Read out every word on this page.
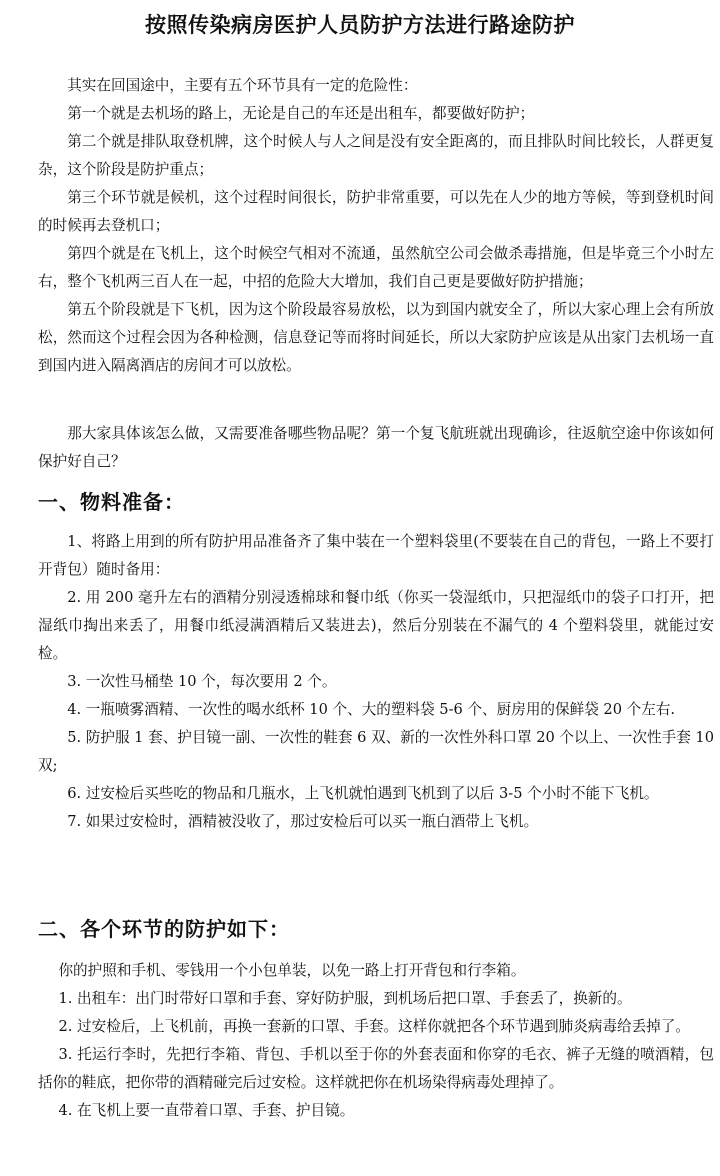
按照传染病房医护人员防护方法进行路途防护

其实在回国途中，主要有五个环节具有一定的危险性：

第一个就是去机场的路上，无论是自己的车还是出租车，都要做好防护；

第二个就是排队取登机牌，这个时候人与人之间是没有安全距离的，而且排队时间比较长，人群更复杂，这个阶段是防护重点；

第三个环节就是候机，这个过程时间很长，防护非常重要，可以先在人少的地方等候，等到登机时间的时候再去登机口；

第四个就是在飞机上，这个时候空气相对不流通，虽然航空公司会做杀毒措施，但是毕竟三个小时左右，整个飞机两三百人在一起，中招的危险大大增加，我们自己更是要做好防护措施；

第五个阶段就是下飞机，因为这个阶段最容易放松，以为到国内就安全了，所以大家心理上会有所放松，然而这个过程会因为各种检测，信息登记等而将时间延长，所以大家防护应该是从出家门去机场一直到国内进入隔离酒店的房间才可以放松。

那大家具体该怎么做，又需要准备哪些物品呢？第一个复飞航班就出现确诊，往返航空途中你该如何保护好自己？

一、物料准备：

1、将路上用到的所有防护用品准备齐了集中装在一个塑料袋里(不要装在自己的背包，一路上不要打开背包）随时备用：

2. 用 200 毫升左右的酒精分别浸透棉球和餐巾纸（你买一袋湿纸巾，只把湿纸巾的袋子口打开，把湿纸巾掏出来丢了，用餐巾纸浸满酒精后又装进去)，然后分别装在不漏气的 4 个塑料袋里，就能过安检。

3. 一次性马桶垫 10 个，每次要用 2 个。

4. 一瓶喷雾酒精、一次性的喝水纸杯 10 个、大的塑料袋 5-6 个、厨房用的保鲜袋 20 个左右.

5. 防护服 1 套、护目镜一副、一次性的鞋套 6 双、新的一次性外科口罩 20 个以上、一次性手套 10 双;

6. 过安检后买些吃的物品和几瓶水，上飞机就怕遇到飞机到了以后 3-5 个小时不能下飞机。

7. 如果过安检时，酒精被没收了，那过安检后可以买一瓶白酒带上飞机。

二、各个环节的防护如下：

你的护照和手机、零钱用一个小包单装，以免一路上打开背包和行李箱。

1. 出租车：出门时带好口罩和手套、穿好防护服，到机场后把口罩、手套丢了，换新的。

2. 过安检后，上飞机前，再换一套新的口罩、手套。这样你就把各个环节遇到肺炎病毒给丢掉了。

3. 托运行李时，先把行李箱、背包、手机以至于你的外套表面和你穿的毛衣、裤子无缝的喷酒精，包括你的鞋底，把你带的酒精碰完后过安检。这样就把你在机场染得病毒处理掉了。

4. 在飞机上要一直带着口罩、手套、护目镜。
